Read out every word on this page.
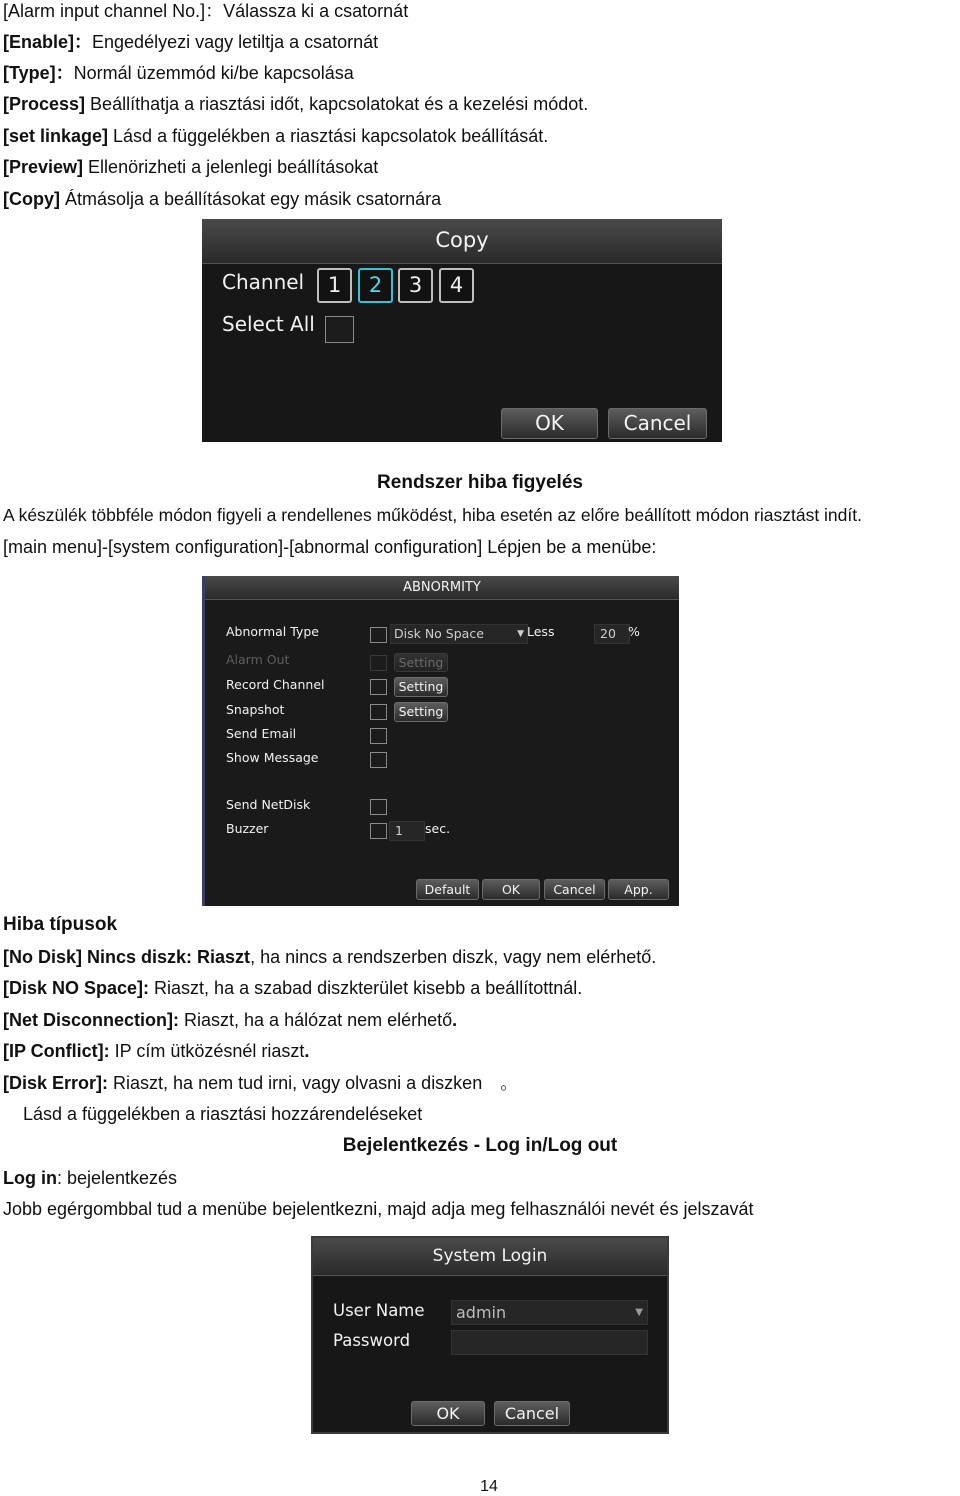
[Alarm input channel No.]：Válassza ki a csatornát
[Enable]：Engedélyezi vagy letiltja a csatornát
[Type]：Normál üzemmód ki/be kapcsolása
[Process] Beállíthatja a riasztási időt, kapcsolatokat és a kezelési módot.
[set linkage] Lásd a függelékben a riasztási kapcsolatok beállítását.
[Preview] Ellenörizheti a jelenlegi beállításokat
[Copy] Átmásolja a beállításokat egy másik csatornára
Copy
Channel	1	2	3	4
Select All
OK	Cancel
Rendszer hiba figyelés
A készülék többféle módon figyeli a rendellenes működést, hiba esetén az előre beállított módon riasztást indít.
[main menu]-[system configuration]-[abnormal configuration] Lépjen be a menübe:
ABNORMITY
Abnormal Type	Disk No Space	▼ Less	20 %
Alarm Out	Setting
Record Channel	Setting
Snapshot	Setting
Send Email
Show Message
Send NetDisk
Buzzer	1	sec.
Default	OK	Cancel	App.
Hiba típusok
[No Disk] Nincs diszk: Riaszt, ha nincs a rendszerben diszk, vagy nem elérhető.
[Disk NO Space]: Riaszt, ha a szabad diszkterület kisebb a beállítottnál.
[Net Disconnection]: Riaszt, ha a hálózat nem elérhető.
[IP Conflict]: IP cím ütközésnél riaszt.
[Disk Error]: Riaszt, ha nem tud irni, vagy olvasni a diszken　。
Lásd a függelékben a riasztási hozzárendeléseket
Bejelentkezés - Log in/Log out
Log in: bejelentkezés
Jobb egérgombbal tud a menübe bejelentkezni, majd adja meg felhasználói nevét és jelszavát
System Login
User Name	admin	▼
Password
OK	Cancel
14
